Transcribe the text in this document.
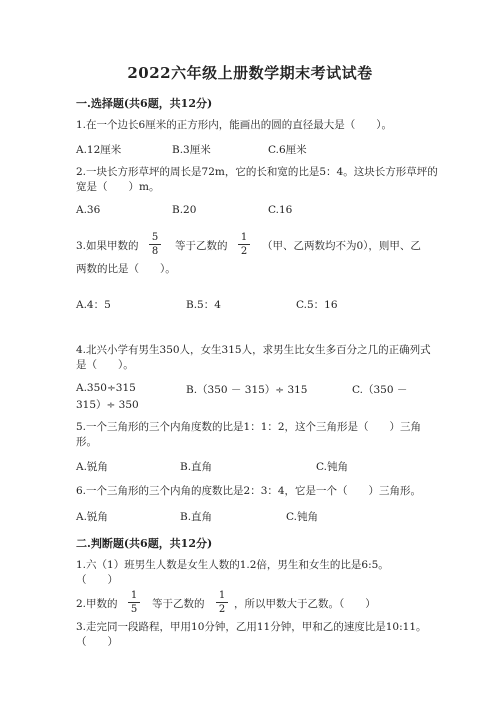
2022六年级上册数学期末考试试卷
一.选择题(共6题，共12分)
1.在一个边长6厘米的正方形内，能画出的圆的直径最大是（　　）。
A.12厘米	B.3厘米	C.6厘米
2.一块长方形草坪的周长是72m，它的长和宽的比是5：4。这块长方形草坪的
宽是（　　）m。
A.36	B.20	C.16
3.如果甲数的
5
8 等于乙数的
1
2 （甲、乙两数均不为0），则甲、乙
两数的比是（　　）。
A.4：5	B.5：4	C.5：16
4.北兴小学有男生350人，女生315人，求男生比女生多百分之几的正确列式
是（　　）。
A.350÷315	B.（350 － 315）÷ 315	C.（350 －
315）÷ 350
5.一个三角形的三个内角度数的比是1：1：2，这个三角形是（　　）三角
形。
A.锐角	B.直角	C.钝角
6.一个三角形的三个内角的度数比是2：3：4，它是一个（　　）三角形。
A.锐角	B.直角	C.钝角
二.判断题(共6题，共12分)
1.六（1）班男生人数是女生人数的1.2倍，男生和女生的比是6:5。
（　　）
2.甲数的
1
5 等于乙数的
1
2 ，所以甲数大于乙数。（　　）
3.走完同一段路程，甲用10分钟，乙用11分钟，甲和乙的速度比是10:11。
（　　）
